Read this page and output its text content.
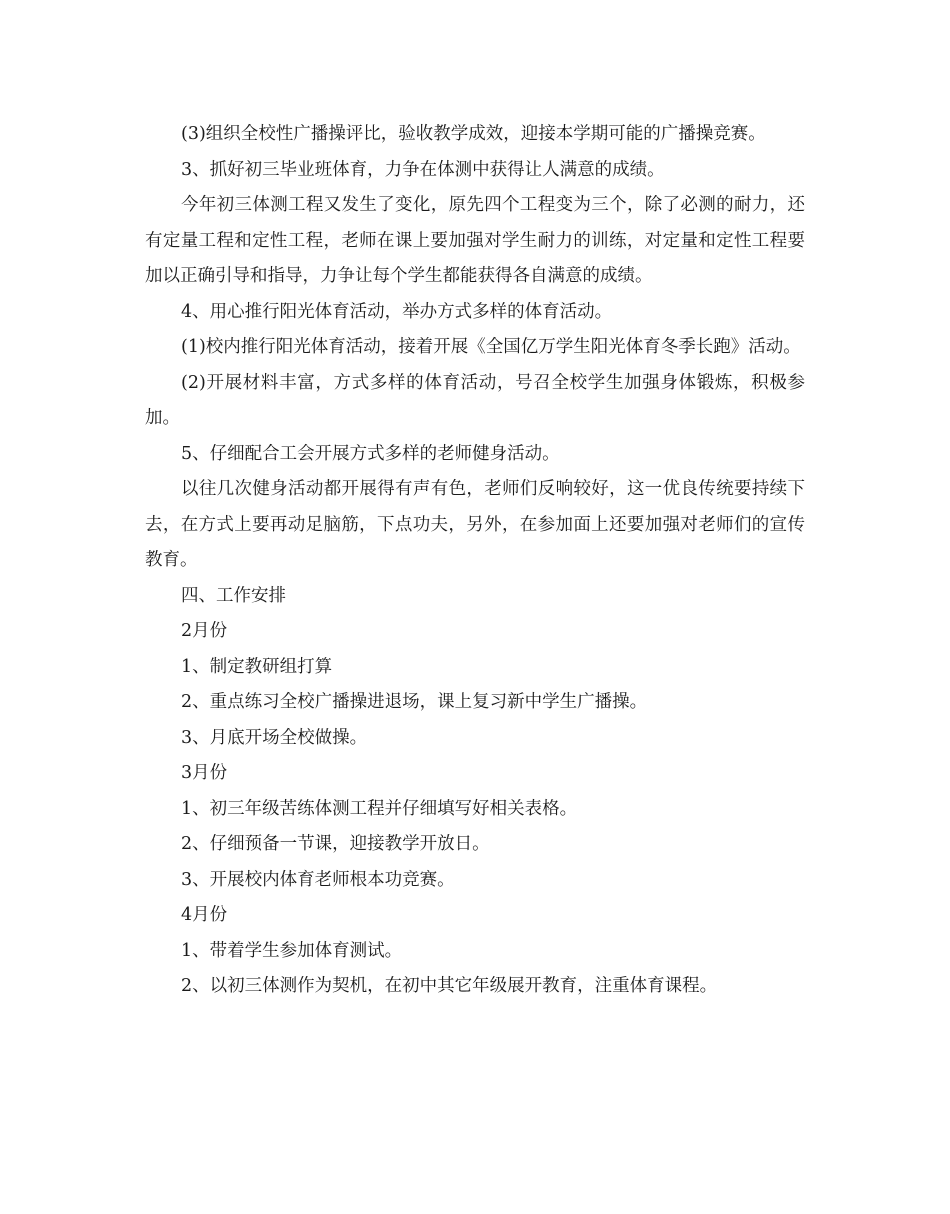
(3)组织全校性广播操评比，验收教学成效，迎接本学期可能的广播操竞赛。

3、抓好初三毕业班体育，力争在体测中获得让人满意的成绩。

今年初三体测工程又发生了变化，原先四个工程变为三个，除了必测的耐力，还有定量工程和定性工程，老师在课上要加强对学生耐力的训练，对定量和定性工程要加以正确引导和指导，力争让每个学生都能获得各自满意的成绩。

4、用心推行阳光体育活动，举办方式多样的体育活动。

(1)校内推行阳光体育活动，接着开展《全国亿万学生阳光体育冬季长跑》活动。

(2)开展材料丰富，方式多样的体育活动，号召全校学生加强身体锻炼，积极参加。

5、仔细配合工会开展方式多样的老师健身活动。

以往几次健身活动都开展得有声有色，老师们反响较好，这一优良传统要持续下去，在方式上要再动足脑筋，下点功夫，另外，在参加面上还要加强对老师们的宣传教育。

四、工作安排

2月份

1、制定教研组打算

2、重点练习全校广播操进退场，课上复习新中学生广播操。

3、月底开场全校做操。

3月份

1、初三年级苦练体测工程并仔细填写好相关表格。

2、仔细预备一节课，迎接教学开放日。

3、开展校内体育老师根本功竞赛。

4月份

1、带着学生参加体育测试。

2、以初三体测作为契机，在初中其它年级展开教育，注重体育课程。
